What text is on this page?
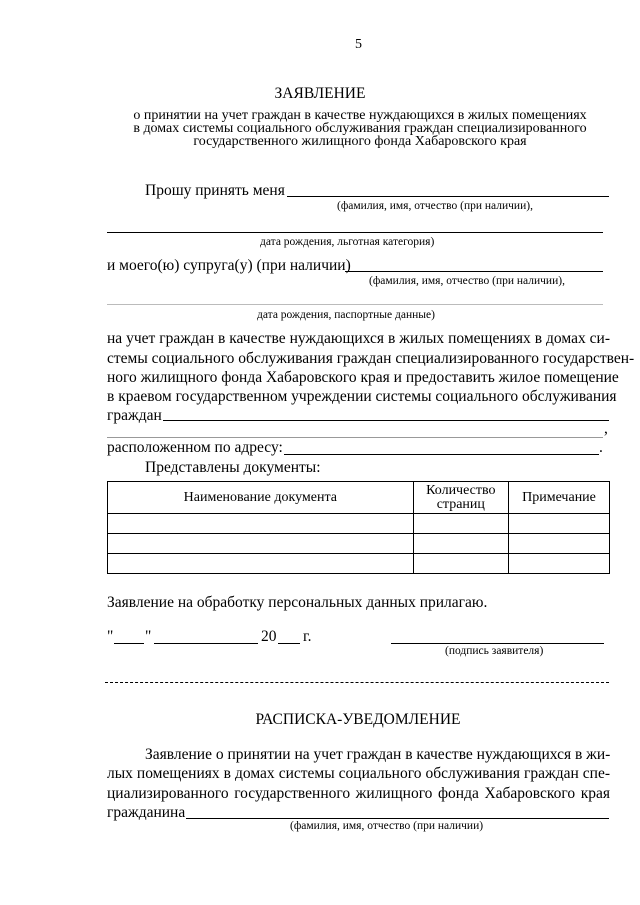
5
ЗАЯВЛЕНИЕ
о принятии на учет граждан в качестве нуждающихся в жилых помещениях
в домах системы социального обслуживания граждан специализированного
государственного жилищного фонда Хабаровского края
Прошу принять меня
(фамилия, имя, отчество (при наличии),
дата рождения, льготная категория)
и моего(ю) супруга(у) (при наличии)
(фамилия, имя, отчество (при наличии),
дата рождения, паспортные данные)
на учет граждан в качестве нуждающихся в жилых помещениях в домах си-
стемы социального обслуживания граждан специализированного государствен-
ного жилищного фонда Хабаровского края и предоставить жилое помещение
в краевом государственном учреждении системы социального обслуживания
граждан
,
расположенном по адресу:	.
Представлены документы:
Наименование документа	Количество страниц	Примечание

Заявление на обработку персональных данных прилагаю.
" "	20 г.
(подпись заявителя)
РАСПИСКА-УВЕДОМЛЕНИЕ
Заявление о принятии на учет граждан в качестве нуждающихся в жи-
лых помещениях в домах системы социального обслуживания граждан спе-
циализированного государственного жилищного фонда Хабаровского края
гражданина
(фамилия, имя, отчество (при наличии)
